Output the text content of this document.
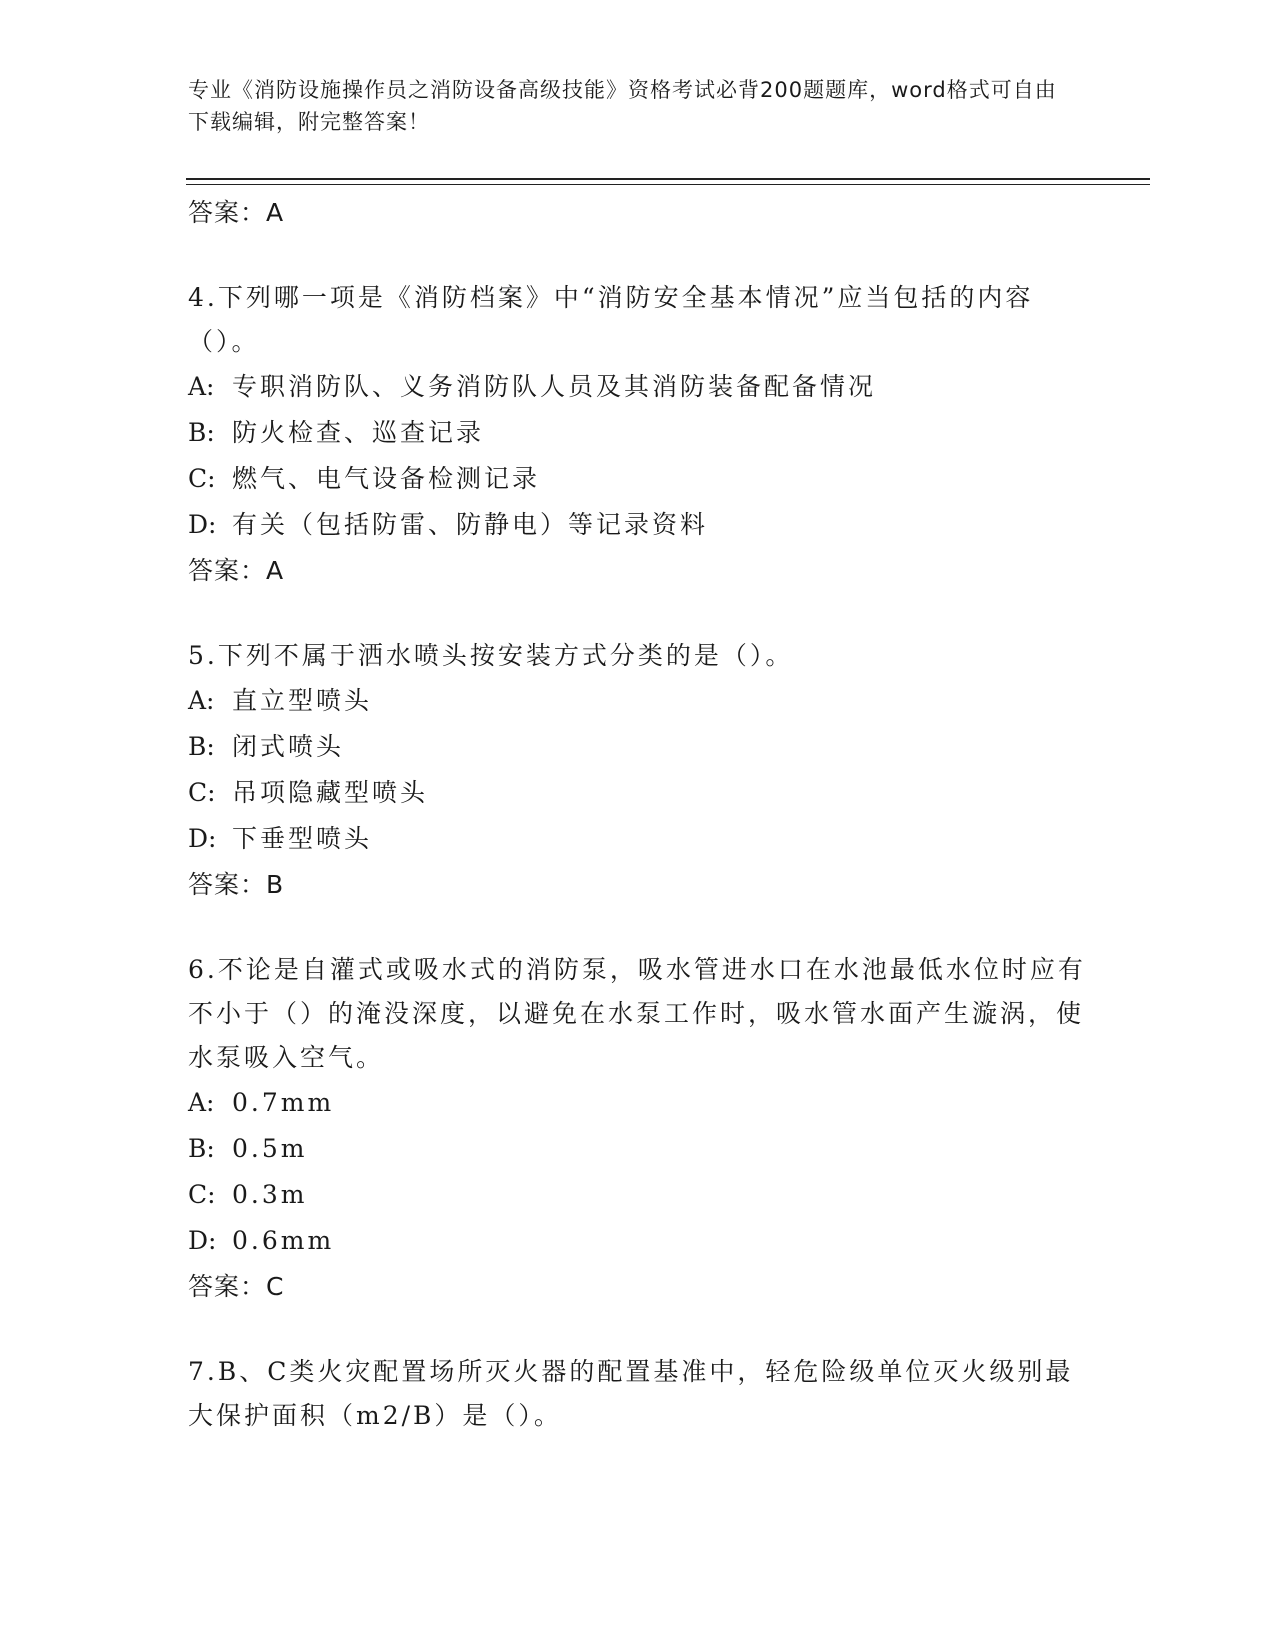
专业《消防设施操作员之消防设备高级技能》资格考试必背200题题库，word格式可自由下载编辑，附完整答案！
答案：A
4.下列哪一项是《消防档案》中“消防安全基本情况”应当包括的内容（）。
A: 专职消防队、义务消防队人员及其消防装备配备情况
B: 防火检查、巡查记录
C: 燃气、电气设备检测记录
D: 有关（包括防雷、防静电）等记录资料
答案：A
5.下列不属于洒水喷头按安装方式分类的是（）。
A: 直立型喷头
B: 闭式喷头
C: 吊项隐藏型喷头
D: 下垂型喷头
答案：B
6.不论是自灌式或吸水式的消防泵，吸水管进水口在水池最低水位时应有不小于（）的淹没深度，以避免在水泵工作时，吸水管水面产生漩涡，使水泵吸入空气。
A: 0.7mm
B: 0.5m
C: 0.3m
D: 0.6mm
答案：C
7.B、C类火灾配置场所灭火器的配置基准中，轻危险级单位灭火级别最大保护面积（m2/B）是（）。
